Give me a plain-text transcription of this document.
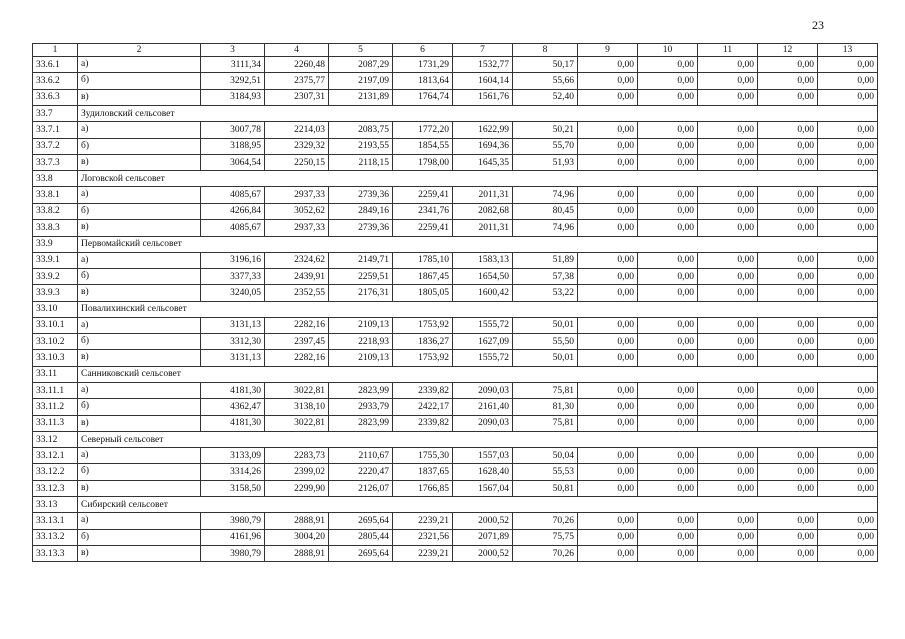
23
1	2	3	4	5	6	7	8	9	10	11	12	13
33.6.1	а)	3111,34	2260,48	2087,29	1731,29	1532,77	50,17	0,00	0,00	0,00	0,00	0,00
33.6.2	б)	3292,51	2375,77	2197,09	1813,64	1604,14	55,66	0,00	0,00	0,00	0,00	0,00
33.6.3	в)	3184,93	2307,31	2131,89	1764,74	1561,76	52,40	0,00	0,00	0,00	0,00	0,00
33.7	Зудиловский сельсовет											
33.7.1	а)	3007,78	2214,03	2083,75	1772,20	1622,99	50,21	0,00	0,00	0,00	0,00	0,00
33.7.2	б)	3188,95	2329,32	2193,55	1854,55	1694,36	55,70	0,00	0,00	0,00	0,00	0,00
33.7.3	в)	3064,54	2250,15	2118,15	1798,00	1645,35	51,93	0,00	0,00	0,00	0,00	0,00
33.8	Логовской сельсовет											
33.8.1	а)	4085,67	2937,33	2739,36	2259,41	2011,31	74,96	0,00	0,00	0,00	0,00	0,00
33.8.2	б)	4266,84	3052,62	2849,16	2341,76	2082,68	80,45	0,00	0,00	0,00	0,00	0,00
33.8.3	в)	4085,67	2937,33	2739,36	2259,41	2011,31	74,96	0,00	0,00	0,00	0,00	0,00
33.9	Первомайский сельсовет											
33.9.1	а)	3196,16	2324,62	2149,71	1785,10	1583,13	51,89	0,00	0,00	0,00	0,00	0,00
33.9.2	б)	3377,33	2439,91	2259,51	1867,45	1654,50	57,38	0,00	0,00	0,00	0,00	0,00
33.9.3	в)	3240,05	2352,55	2176,31	1805,05	1600,42	53,22	0,00	0,00	0,00	0,00	0,00
33.10	Повалихинский сельсовет											
33.10.1	а)	3131,13	2282,16	2109,13	1753,92	1555,72	50,01	0,00	0,00	0,00	0,00	0,00
33.10.2	б)	3312,30	2397,45	2218,93	1836,27	1627,09	55,50	0,00	0,00	0,00	0,00	0,00
33.10.3	в)	3131,13	2282,16	2109,13	1753,92	1555,72	50,01	0,00	0,00	0,00	0,00	0,00
33.11	Санниковский сельсовет											
33.11.1	а)	4181,30	3022,81	2823,99	2339,82	2090,03	75,81	0,00	0,00	0,00	0,00	0,00
33.11.2	б)	4362,47	3138,10	2933,79	2422,17	2161,40	81,30	0,00	0,00	0,00	0,00	0,00
33.11.3	в)	4181,30	3022,81	2823,99	2339,82	2090,03	75,81	0,00	0,00	0,00	0,00	0,00
33.12	Северный сельсовет											
33.12.1	а)	3133,09	2283,73	2110,67	1755,30	1557,03	50,04	0,00	0,00	0,00	0,00	0,00
33.12.2	б)	3314,26	2399,02	2220,47	1837,65	1628,40	55,53	0,00	0,00	0,00	0,00	0,00
33.12.3	в)	3158,50	2299,90	2126,07	1766,85	1567,04	50,81	0,00	0,00	0,00	0,00	0,00
33.13	Сибирский сельсовет											
33.13.1	а)	3980,79	2888,91	2695,64	2239,21	2000,52	70,26	0,00	0,00	0,00	0,00	0,00
33.13.2	б)	4161,96	3004,20	2805,44	2321,56	2071,89	75,75	0,00	0,00	0,00	0,00	0,00
33.13.3	в)	3980,79	2888,91	2695,64	2239,21	2000,52	70,26	0,00	0,00	0,00	0,00	0,00
